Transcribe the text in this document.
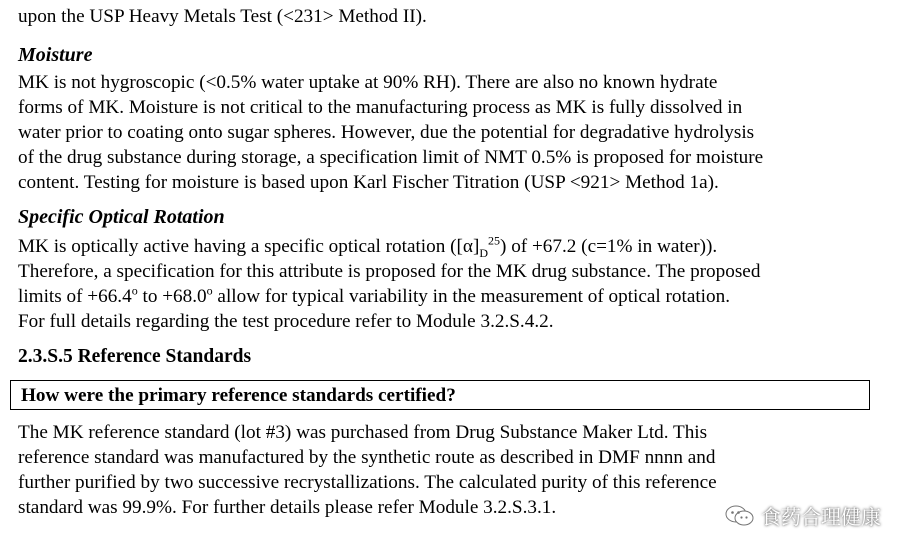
upon the USP Heavy Metals Test (<231> Method II).

Moisture

MK is not hygroscopic (<0.5% water uptake at 90% RH). There are also no known hydrate
forms of MK. Moisture is not critical to the manufacturing process as MK is fully dissolved in
water prior to coating onto sugar spheres. However, due the potential for degradative hydrolysis
of the drug substance during storage, a specification limit of NMT 0.5% is proposed for moisture
content. Testing for moisture is based upon Karl Fischer Titration (USP <921> Method 1a).

Specific Optical Rotation

MK is optically active having a specific optical rotation $([\alpha]_D^{25})$ of +67.2 (c=1% in water)).
Therefore, a specification for this attribute is proposed for the MK drug substance. The proposed
limits of $+66.4^o$ to $+68.0^o$ allow for typical variability in the measurement of optical rotation.
For full details regarding the test procedure refer to Module 3.2.S.4.2.

2.3.S.5 Reference Standards
How were the primary reference standards certified?

The MK reference standard (lot #3) was purchased from Drug Substance Maker Ltd. This
reference standard was manufactured by the synthetic route as described in DMF nnnn and
further purified by two successive recrystallizations. The calculated purity of this reference
standard was 99.9%. For further details please refer Module 3.2.S.3.1.	食药合理健康
